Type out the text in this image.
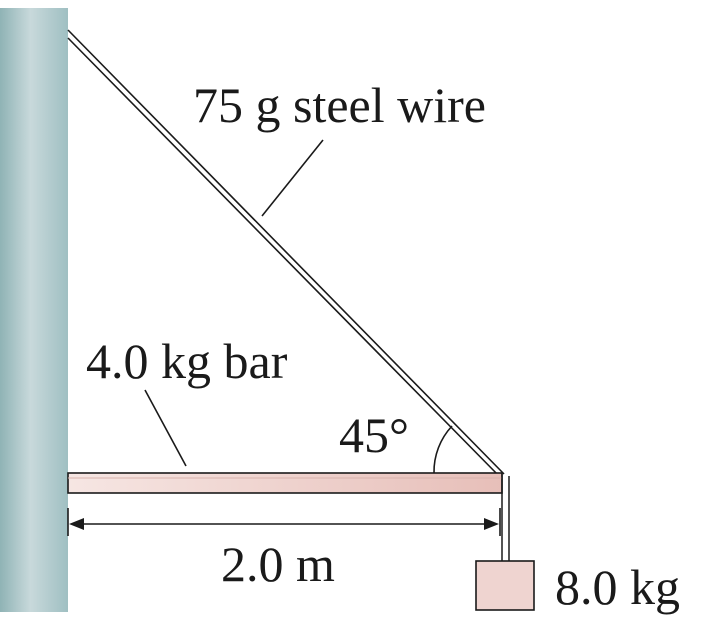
75 g steel wire
4.0 kg bar
45°
2.0 m	8.0 kg
